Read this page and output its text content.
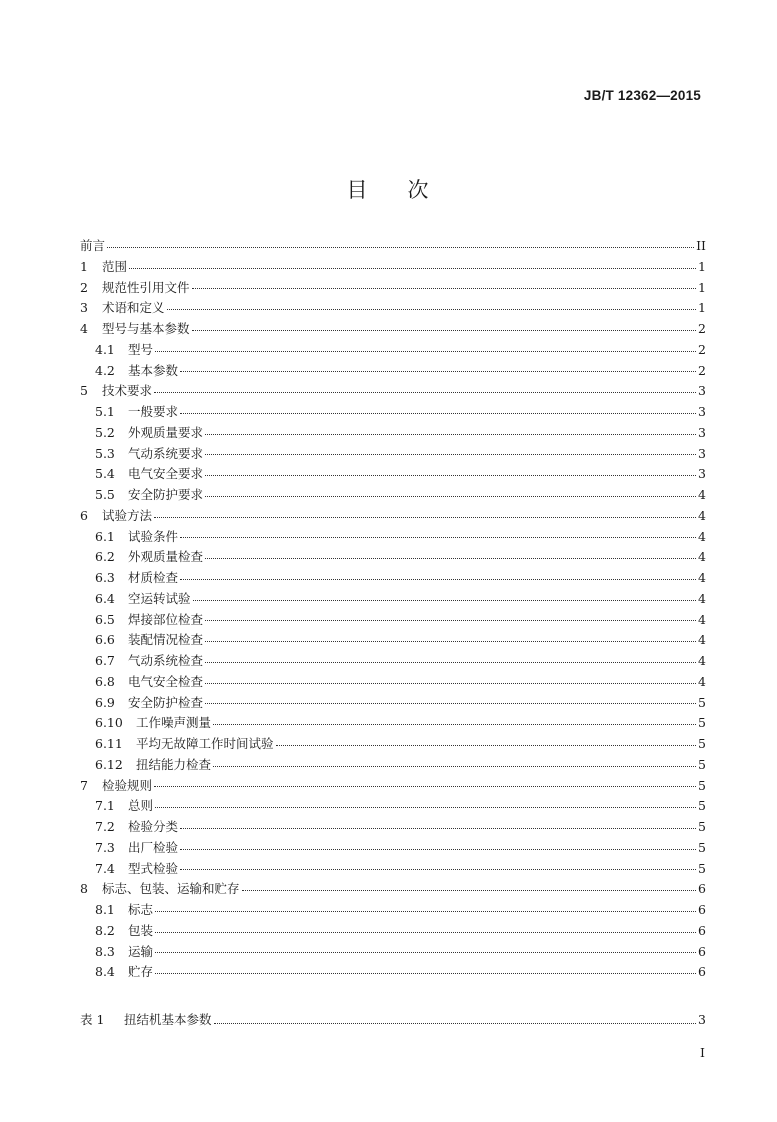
JB/T 12362—2015
目 次
前言	II
1	范围	1
2	规范性引用文件	1
3	术语和定义	1
4	型号与基本参数	2
4.1	型号	2
4.2	基本参数	2
5	技术要求	3
5.1	一般要求	3
5.2	外观质量要求	3
5.3	气动系统要求	3
5.4	电气安全要求	3
5.5	安全防护要求	4
6	试验方法	4
6.1	试验条件	4
6.2	外观质量检查	4
6.3	材质检查	4
6.4	空运转试验	4
6.5	焊接部位检查	4
6.6	装配情况检查	4
6.7	气动系统检查	4
6.8	电气安全检查	4
6.9	安全防护检查	5
6.10	工作噪声测量	5
6.11	平均无故障工作时间试验	5
6.12	扭结能力检查	5
7	检验规则	5
7.1	总则	5
7.2	检验分类	5
7.3	出厂检验	5
7.4	型式检验	5
8	标志、包装、运输和贮存	6
8.1	标志	6
8.2	包装	6
8.3	运输	6
8.4	贮存	6
表 1	扭结机基本参数	3
I
